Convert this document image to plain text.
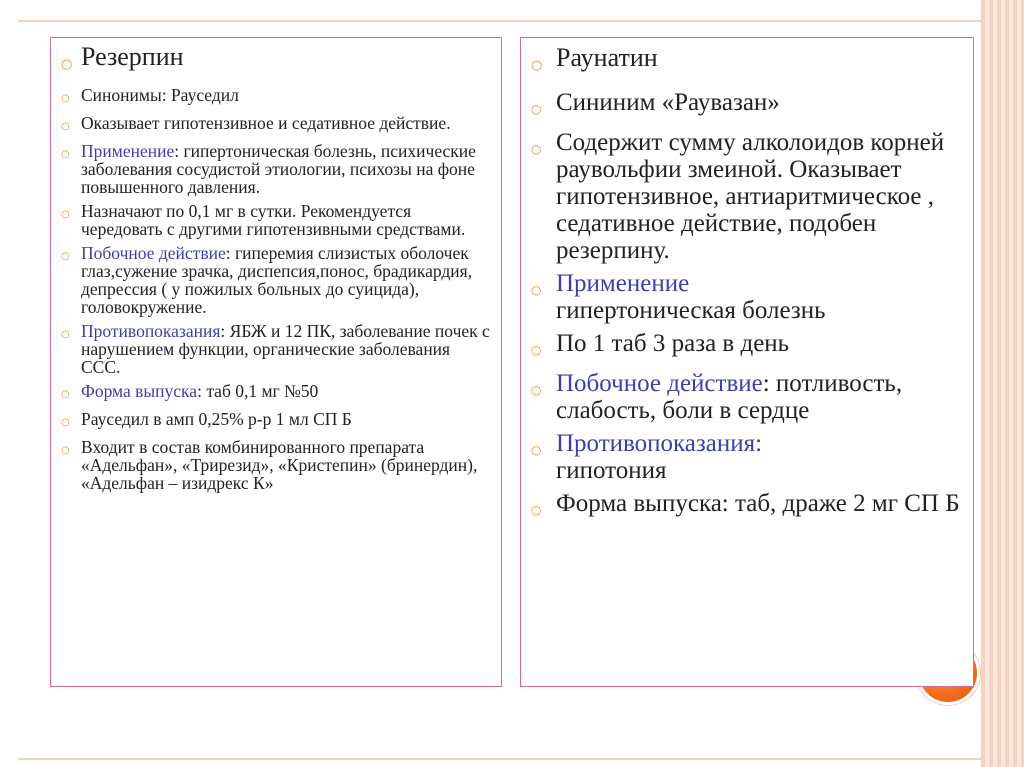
○ Резерпин
○ Синонимы: Рауседил
○ Оказывает гипотензивное и седативное действие.
○ Применение: гипертоническая болезнь, психические заболевания сосудистой этиологии, психозы на фоне повышенного давления.
○ Назначают по 0,1 мг в сутки. Рекомендуется чередовать с другими гипотензивными средствами.
○ Побочное действие: гиперемия слизистых оболочек глаз,сужение зрачка, диспепсия,понос, брадикардия, депрессия ( у пожилых больных до суицида), головокружение.
○ Противопоказания: ЯБЖ и 12 ПК, заболевание почек с нарушением функции, органические заболевания ССС.
○ Форма выпуска: таб 0,1 мг №50
○ Рауседил в амп 0,25% р-р 1 мл СП Б
○ Входит в состав комбинированного препарата «Адельфан», «Трирезид», «Кристепин» (бринердин), «Адельфан – изидрекс К»
○ Раунатин
○ Сининим «Раувазан»
○ Содержит сумму алколоидов корней раувольфии змеиной. Оказывает гипотензивное, антиаритмическое , седативное действие, подобен резерпину.
○ Применение
гипертоническая болезнь
○ По 1 таб 3 раза в день
○ Побочное действие: потливость, слабость, боли в сердце
○ Противопоказания:
гипотония
○ Форма выпуска: таб, драже 2 мг СП Б
